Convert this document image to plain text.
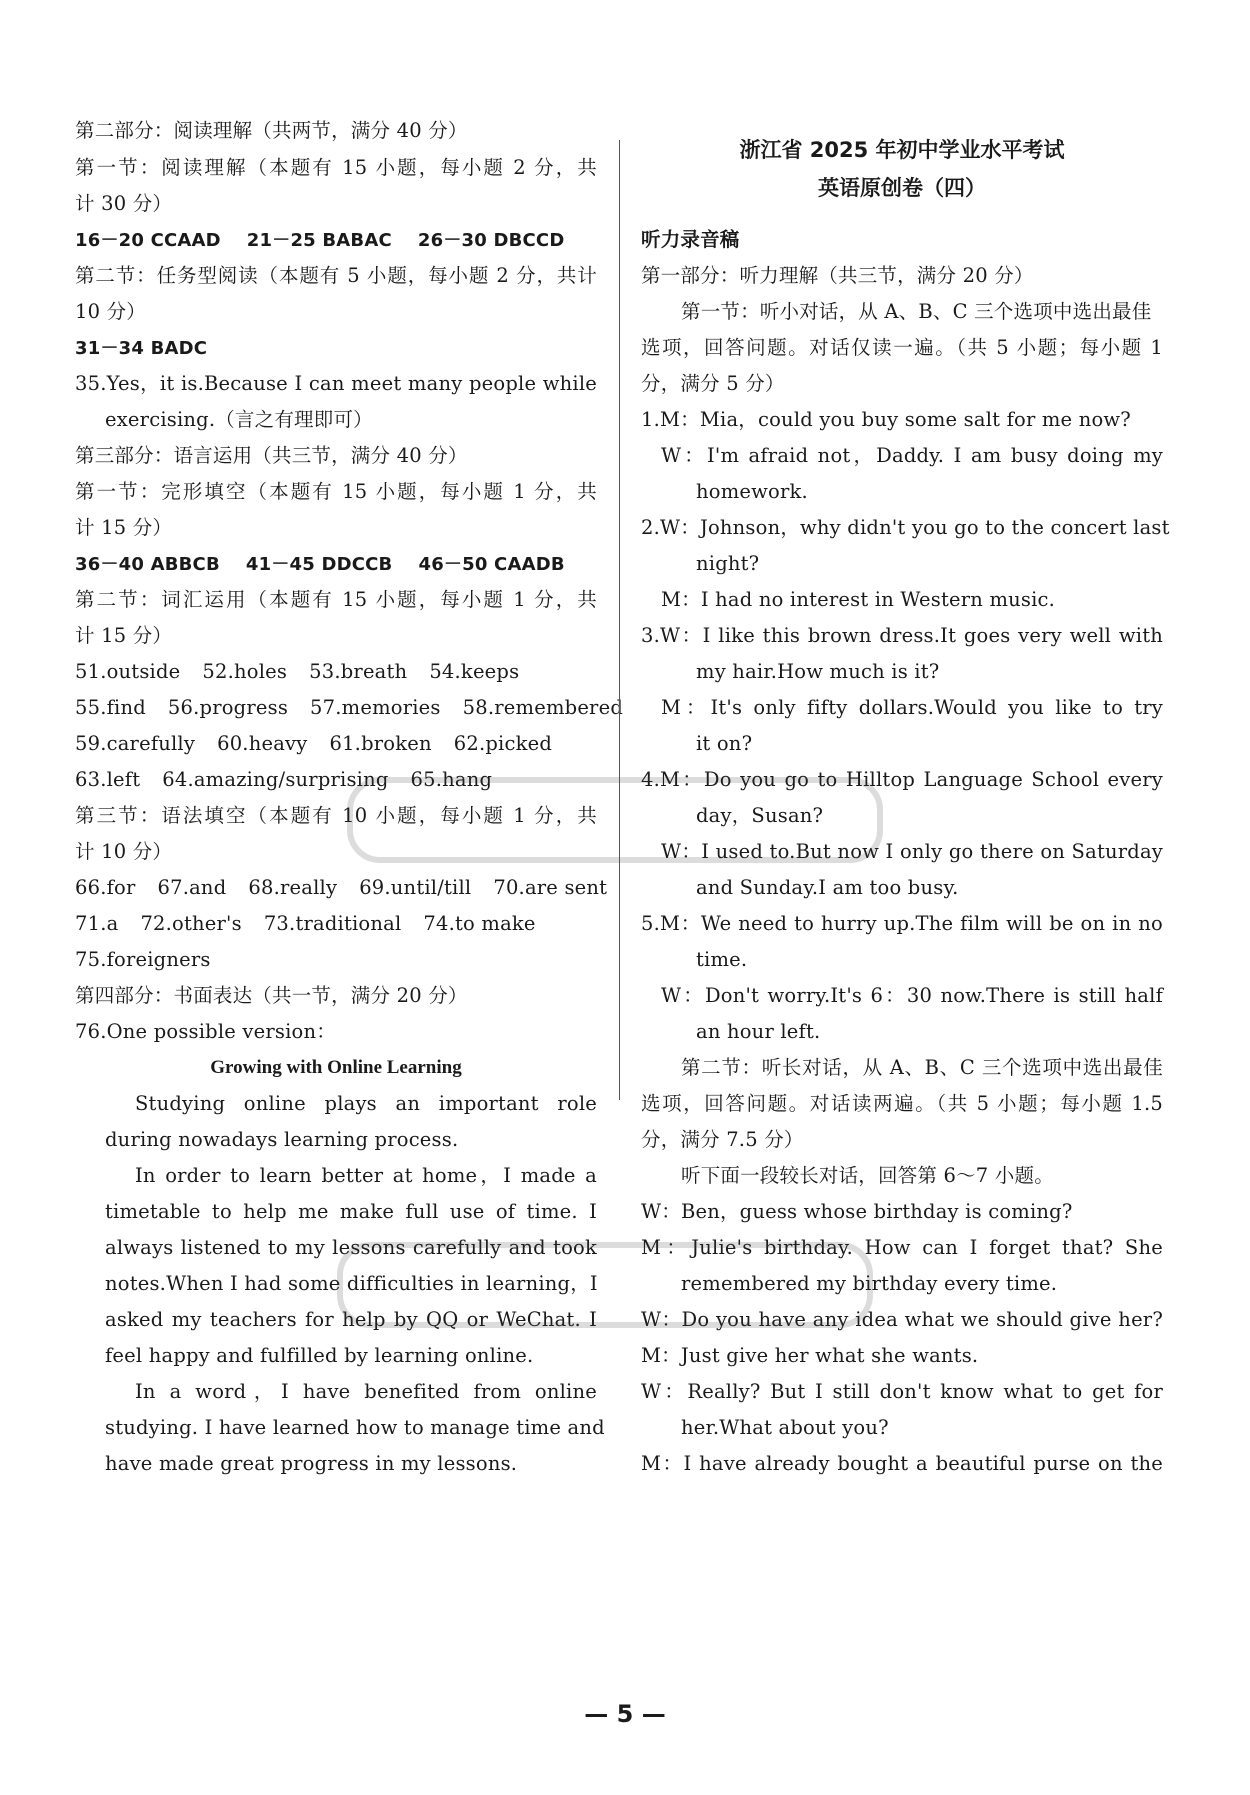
第二部分：阅读理解（共两节，满分 40 分）
第一节：阅读理解（本题有 15 小题，每小题 2 分，共
计 30 分）
16－20 CCAAD 21－25 BABAC 26－30 DBCCD
第二节：任务型阅读（本题有 5 小题，每小题 2 分，共计
10 分）
31－34 BADC
35.Yes，it is.Because I can meet many people while
exercising.（言之有理即可）
第三部分：语言运用（共三节，满分 40 分）
第一节：完形填空（本题有 15 小题，每小题 1 分，共
计 15 分）
36－40 ABBCB 41－45 DDCCB 46－50 CAADB
第二节：词汇运用（本题有 15 小题，每小题 1 分，共
计 15 分）
51.outside 52.holes 53.breath 54.keeps
55.find 56.progress 57.memories 58.remembered
59.carefully 60.heavy 61.broken 62.picked
63.left 64.amazing/surprising 65.hang
第三节：语法填空（本题有 10 小题，每小题 1 分，共
计 10 分）
66.for 67.and 68.really 69.until/till 70.are sent
71.a 72.other's 73.traditional 74.to make
75.foreigners
第四部分：书面表达（共一节，满分 20 分）
76.One possible version：
Growing with Online Learning
Studying online plays an important role
during nowadays learning process.
In order to learn better at home，I made a
timetable to help me make full use of time. I
always listened to my lessons carefully and took
notes.When I had some difficulties in learning，I
asked my teachers for help by QQ or WeChat. I
feel happy and fulfilled by learning online.
In a word，I have benefited from online
studying. I have learned how to manage time and
have made great progress in my lessons.
浙江省 2025 年初中学业水平考试
英语原创卷（四）
听力录音稿
第一部分：听力理解（共三节，满分 20 分）
第一节：听小对话，从 A、B、C 三个选项中选出最佳
选项，回答问题。对话仅读一遍。（共 5 小题；每小题 1
分，满分 5 分）
1.M：Mia，could you buy some salt for me now?
W：I'm afraid not，Daddy. I am busy doing my
homework.
2.W：Johnson，why didn't you go to the concert last
night?
M：I had no interest in Western music.
3.W：I like this brown dress.It goes very well with
my hair.How much is it?
M：It's only fifty dollars.Would you like to try
it on?
4.M：Do you go to Hilltop Language School every
day，Susan?
W：I used to.But now I only go there on Saturday
and Sunday.I am too busy.
5.M：We need to hurry up.The film will be on in no
time.
W：Don't worry.It's 6：30 now.There is still half
an hour left.
第二节：听长对话，从 A、B、C 三个选项中选出最佳
选项，回答问题。对话读两遍。（共 5 小题；每小题 1.5
分，满分 7.5 分）
听下面一段较长对话，回答第 6～7 小题。
W：Ben，guess whose birthday is coming?
M：Julie's birthday. How can I forget that? She
remembered my birthday every time.
W：Do you have any idea what we should give her?
M：Just give her what she wants.
W：Really? But I still don't know what to get for
her.What about you?
M：I have already bought a beautiful purse on the
— 5 —
